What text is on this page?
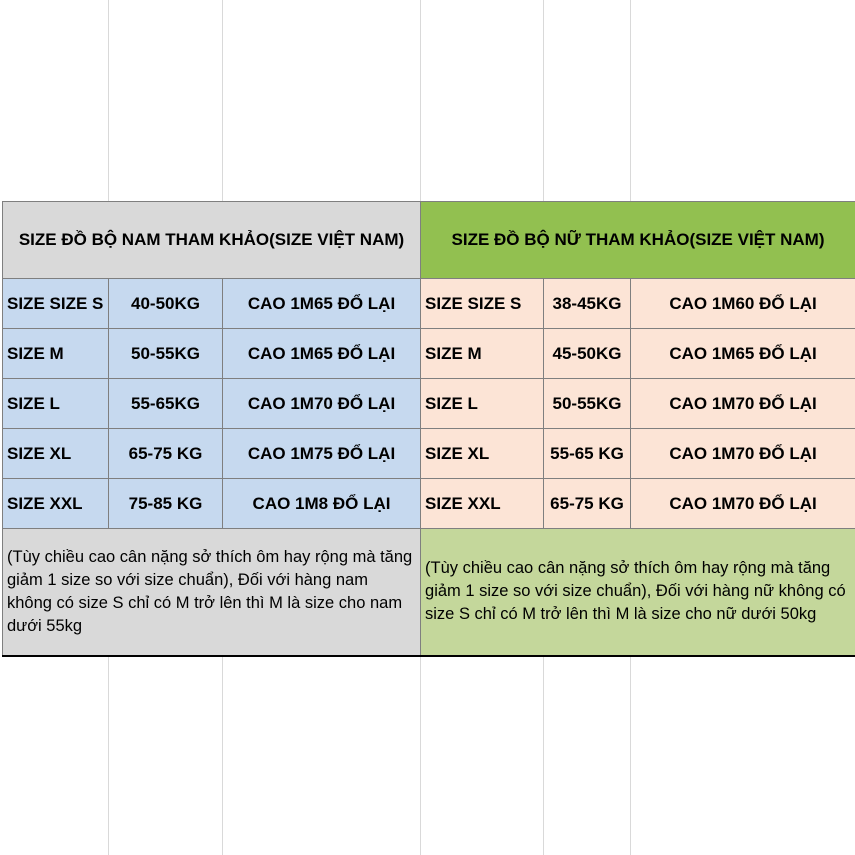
SIZE ĐỒ BỘ NAM THAM KHẢO(SIZE VIỆT NAM)			SIZE ĐỒ BỘ NỮ THAM KHẢO(SIZE VIỆT NAM)		
SIZE SIZE S	40-50KG	CAO 1M65 ĐỔ LẠI	SIZE SIZE S	38-45KG	CAO 1M60 ĐỔ LẠI
SIZE M	50-55KG	CAO 1M65 ĐỔ LẠI	SIZE M	45-50KG	CAO 1M65 ĐỔ LẠI
SIZE L	55-65KG	CAO 1M70 ĐỔ LẠI	SIZE L	50-55KG	CAO 1M70 ĐỔ LẠI
SIZE XL	65-75 KG	CAO 1M75 ĐỔ LẠI	SIZE XL	55-65 KG	CAO 1M70 ĐỔ LẠI
SIZE XXL	75-85 KG	CAO 1M8 ĐỔ LẠI	SIZE XXL	65-75 KG	CAO 1M70 ĐỔ LẠI
(Tùy chiều cao cân nặng sở thích ôm hay rộng mà tăng giảm 1 size so với size chuẩn), Đối với hàng nam không có size S chỉ có M trở lên thì M là size cho nam dưới 55kg			(Tùy chiều cao cân nặng sở thích ôm hay rộng mà tăng giảm 1 size so với size chuẩn), Đối với hàng nữ không có size S chỉ có M trở lên thì M là size cho nữ dưới 50kg		
